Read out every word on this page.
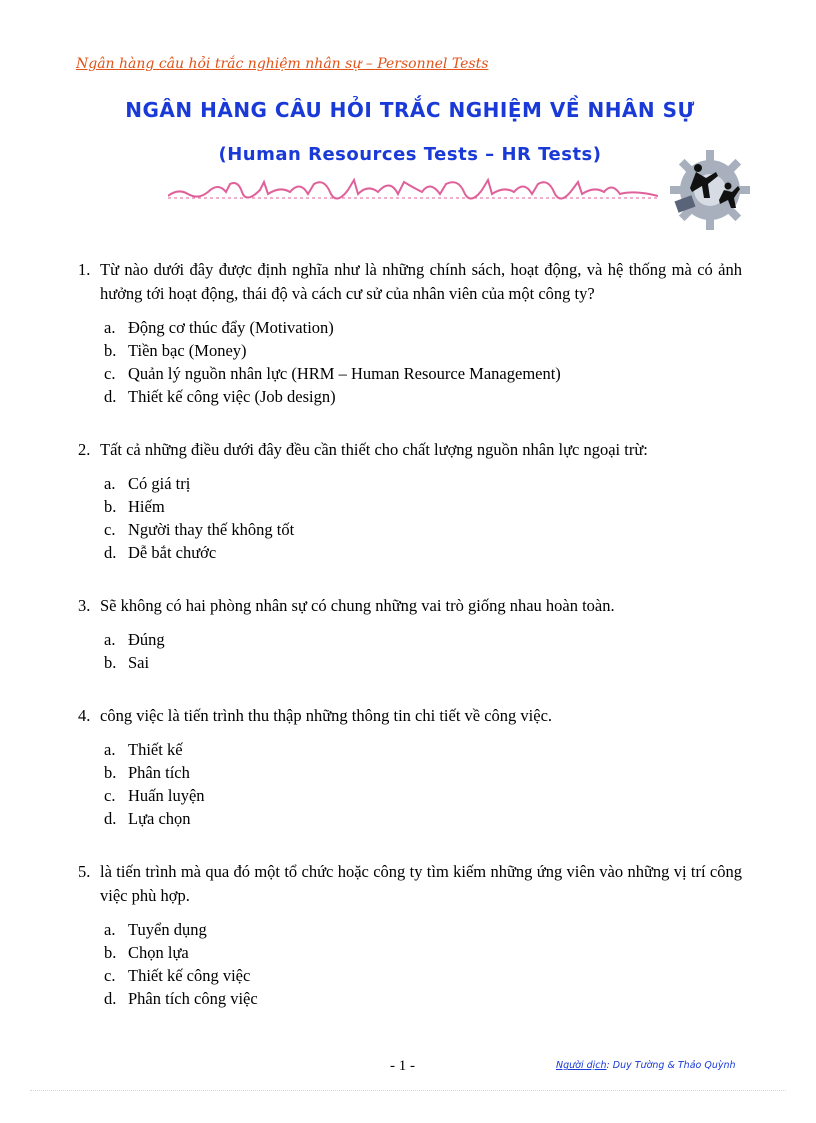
Ngân hàng câu hỏi trắc nghiệm nhân sự – Personnel Tests
NGÂN HÀNG CÂU HỎI TRẮC NGHIỆM VỀ NHÂN SỰ
(Human Resources Tests – HR Tests)
1. Từ nào dưới đây được định nghĩa như là những chính sách, hoạt động, và hệ thống mà có ảnh hưởng tới hoạt động, thái độ và cách cư sử của nhân viên của một công ty?
a. Động cơ thúc đẩy (Motivation)
b. Tiền bạc (Money)
c. Quản lý nguồn nhân lực (HRM – Human Resource Management)
d. Thiết kế công việc (Job design)
2. Tất cả những điều dưới đây đều cần thiết cho chất lượng nguồn nhân lực ngoại trừ:
a. Có giá trị
b. Hiếm
c. Người thay thế không tốt
d. Dễ bắt chước
3. Sẽ không có hai phòng nhân sự có chung những vai trò giống nhau hoàn toàn.
a. Đúng
b. Sai
4. công việc là tiến trình thu thập những thông tin chi tiết về công việc.
a. Thiết kế
b. Phân tích
c. Huấn luyện
d. Lựa chọn
5. là tiến trình mà qua đó một tổ chức hoặc công ty tìm kiếm những ứng viên vào những vị trí công việc phù hợp.
a. Tuyển dụng
b. Chọn lựa
c. Thiết kế công việc
d. Phân tích công việc
- 1 -	Người dịch: Duy Tường & Thảo Quỳnh
